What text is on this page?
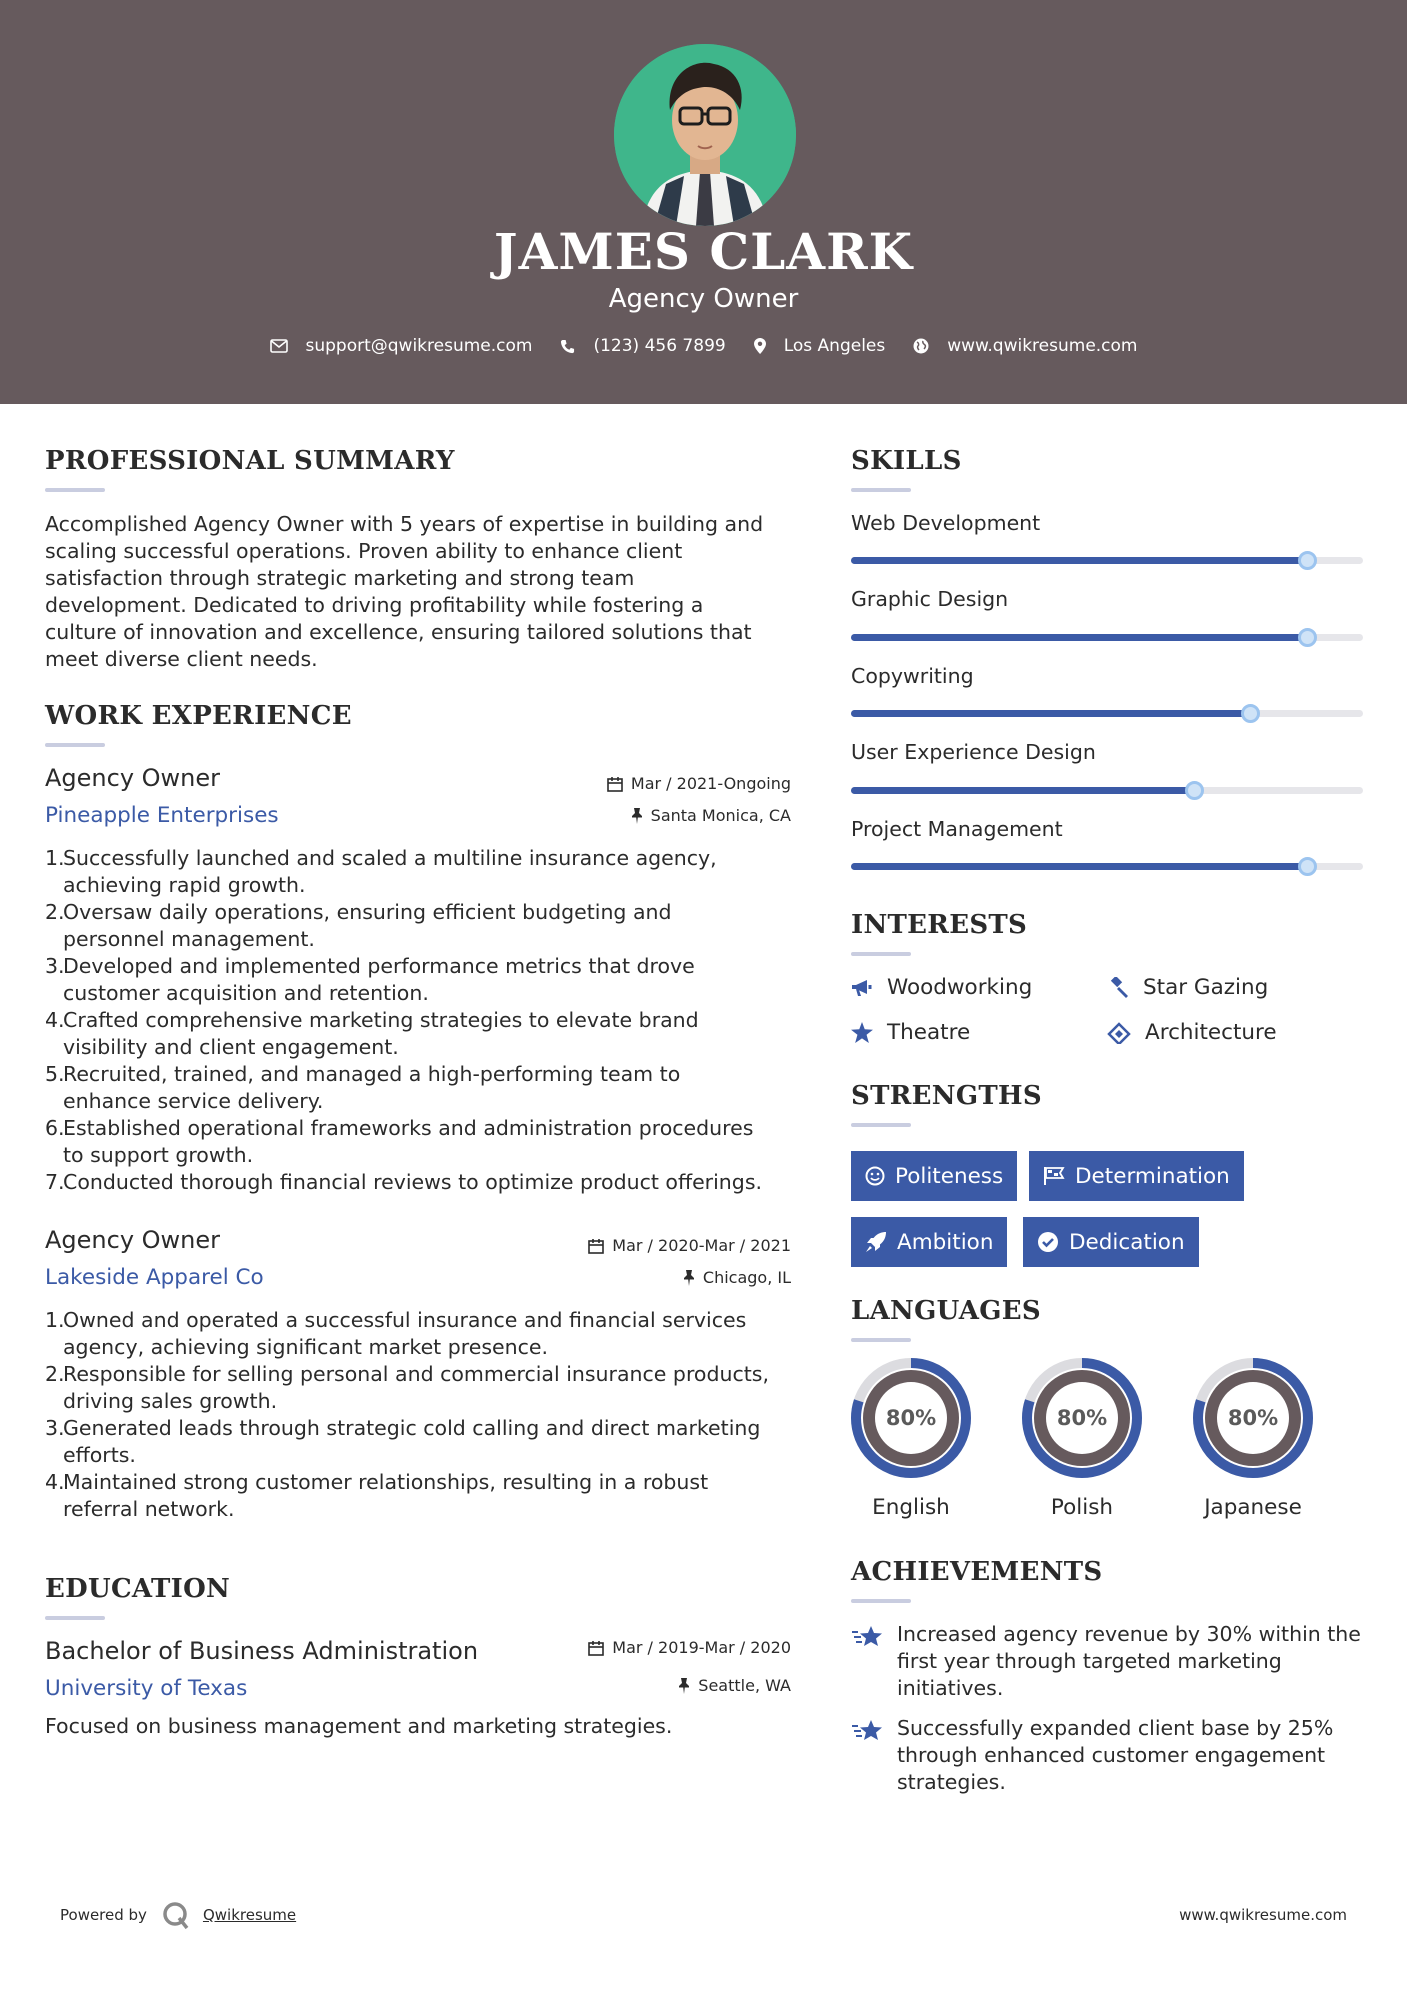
JAMES CLARK
Agency Owner
support@qwikresume.com	(123) 456 7899	Los Angeles	www.qwikresume.com
PROFESSIONAL SUMMARY
Accomplished Agency Owner with 5 years of expertise in building and
scaling successful operations. Proven ability to enhance client
satisfaction through strategic marketing and strong team
development. Dedicated to driving profitability while fostering a
culture of innovation and excellence, ensuring tailored solutions that
meet diverse client needs.
WORK EXPERIENCE
Agency Owner
Pineapple Enterprises
Mar / 2021-Ongoing
Santa Monica, CA
1.
Successfully launched and scaled a multiline insurance agency,
achieving rapid growth.
2.
Oversaw daily operations, ensuring efficient budgeting and
personnel management.
3.
Developed and implemented performance metrics that drove
customer acquisition and retention.
4.
Crafted comprehensive marketing strategies to elevate brand
visibility and client engagement.
5.
Recruited, trained, and managed a high-performing team to
enhance service delivery.
6.
Established operational frameworks and administration procedures
to support growth.
7.
Conducted thorough financial reviews to optimize product offerings.
Agency Owner
Lakeside Apparel Co
Mar / 2020-Mar / 2021
Chicago, IL
1.
Owned and operated a successful insurance and financial services
agency, achieving significant market presence.
2.
Responsible for selling personal and commercial insurance products,
driving sales growth.
3.
Generated leads through strategic cold calling and direct marketing
efforts.
4.
Maintained strong customer relationships, resulting in a robust
referral network.
EDUCATION
Bachelor of Business Administration
University of Texas
Mar / 2019-Mar / 2020
Seattle, WA
Focused on business management and marketing strategies.
SKILLS
Web Development
Graphic Design
Copywriting
User Experience Design
Project Management
INTERESTS
Woodworking	Star Gazing
Theatre	Architecture
STRENGTHS
Politeness	Determination
Ambition	Dedication
LANGUAGES
80%
English
80%
Polish
80%
Japanese
ACHIEVEMENTS
Increased agency revenue by 30% within the
first year through targeted marketing
initiatives.
Successfully expanded client base by 25%
through enhanced customer engagement
strategies.
Powered by	Qwikresume	www.qwikresume.com
